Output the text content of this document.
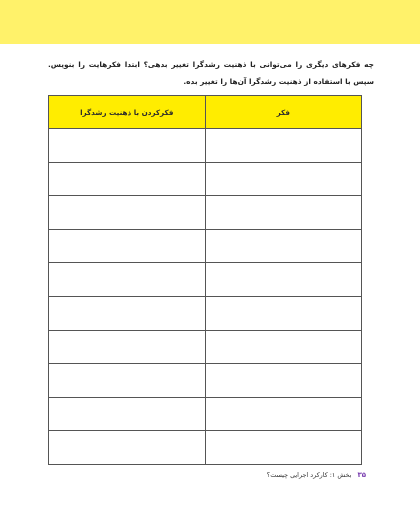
چه فکرهای دیگری را می‌توانی با ذهنیت رشدگرا تغییر بدهی؟ ابتدا فکرهایت را بنویس. سپس با استفاده از ذهنیت رشدگرا آن‌ها را تغییر بده.

فکر	فکرکردن با ذهنیت رشدگرا

۳۵
بخش ۱: کارکرد اجرایی چیست؟
